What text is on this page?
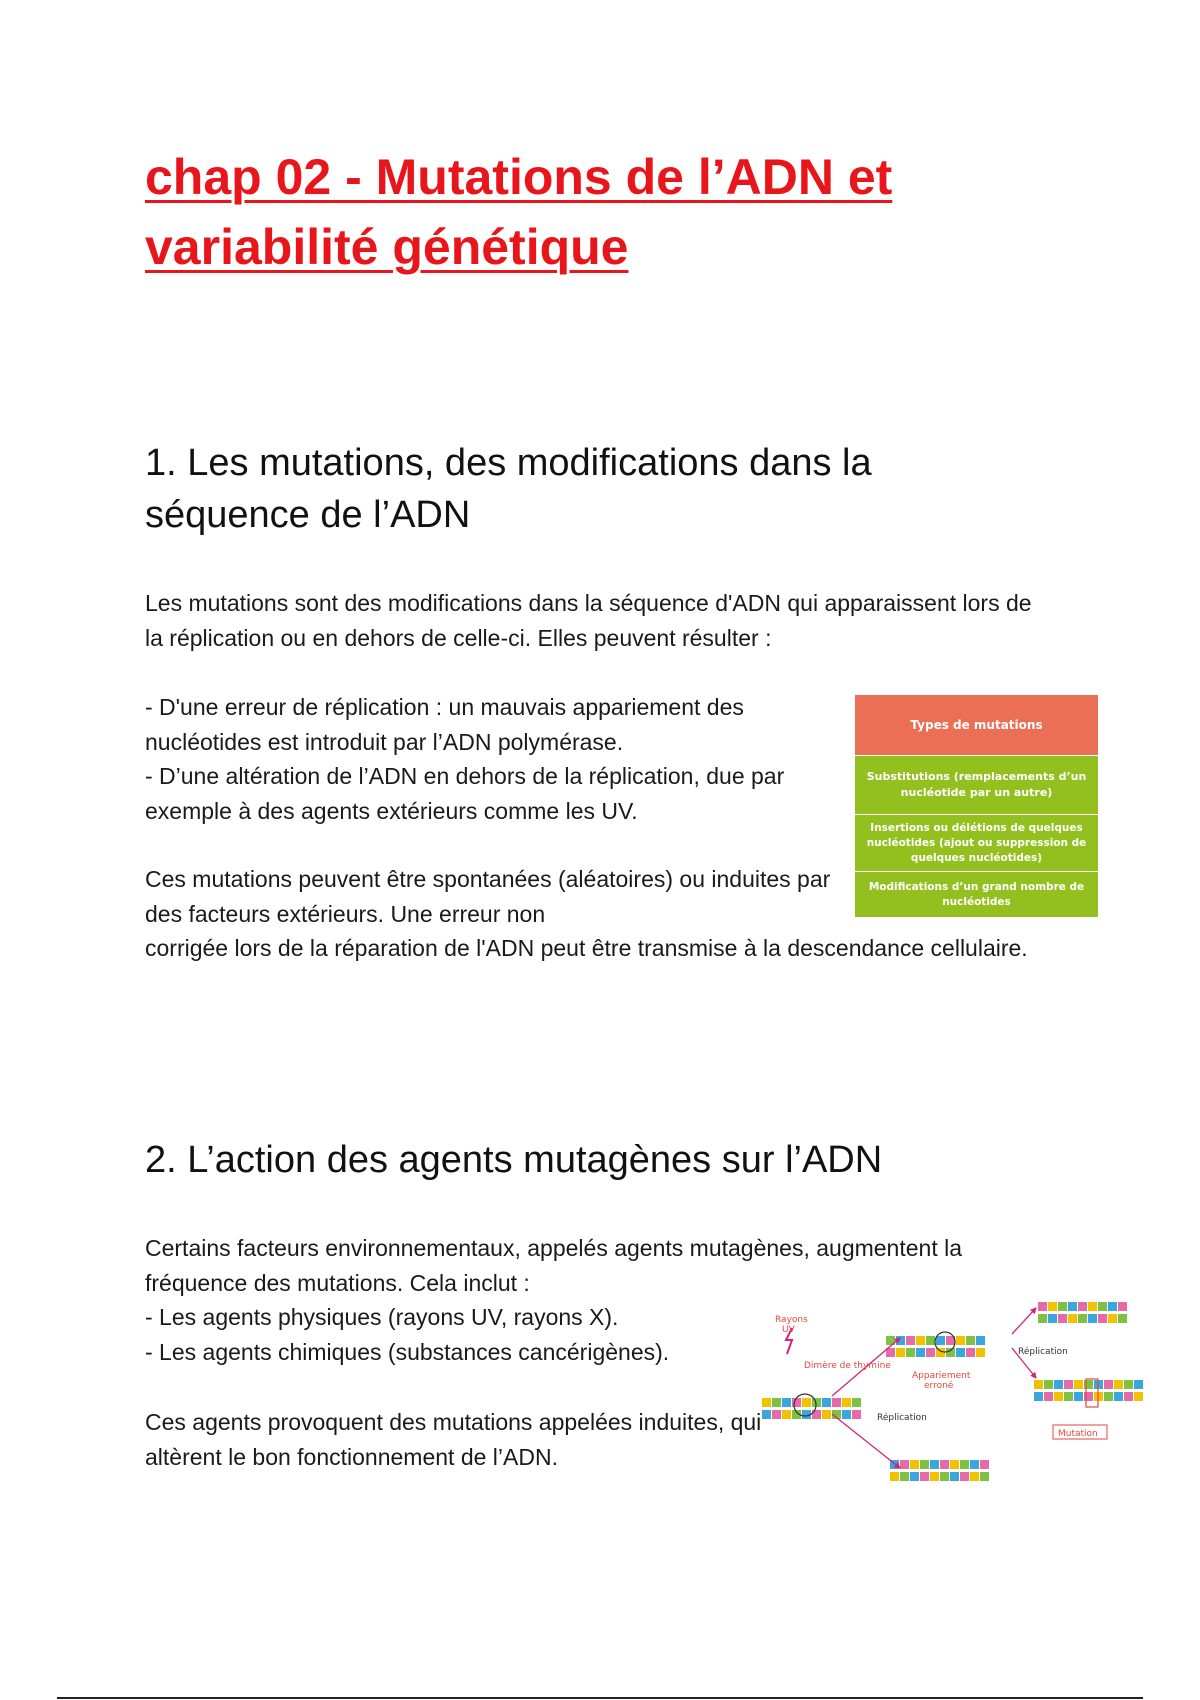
chap 02 - Mutations de l’ADN et variabilité génétique
1. Les mutations, des modifications dans la séquence de l’ADN

Les mutations sont des modifications dans la séquence d'ADN qui apparaissent lors de la réplication ou en dehors de celle-ci. Elles peuvent résulter :

- D'une erreur de réplication : un mauvais appariement des nucléotides est introduit par l’ADN polymérase.

- D’une altération de l’ADN en dehors de la réplication, due par exemple à des agents extérieurs comme les UV.

Ces mutations peuvent être spontanées (aléatoires) ou induites par des facteurs extérieurs. Une erreur non

corrigée lors de la réparation de l'ADN peut être transmise à la descendance cellulaire.

Types de mutations
Substitutions (remplacements d’un nucléotide par un autre)
Insertions ou délétions de quelques nucléotides (ajout ou suppression de quelques nucléotides)
Modifications d’un grand nombre de nucléotides
2. L’action des agents mutagènes sur l’ADN

Certains facteurs environnementaux, appelés agents mutagènes, augmentent la fréquence des mutations. Cela inclut :

- Les agents physiques (rayons UV, rayons X).

- Les agents chimiques (substances cancérigènes).

Ces agents provoquent des mutations appelées induites, qui altèrent le bon fonctionnement de l’ADN.

Rayons
UV
Dimère de thymine
Appariement
erroné
Réplication
Réplication
Mutation
